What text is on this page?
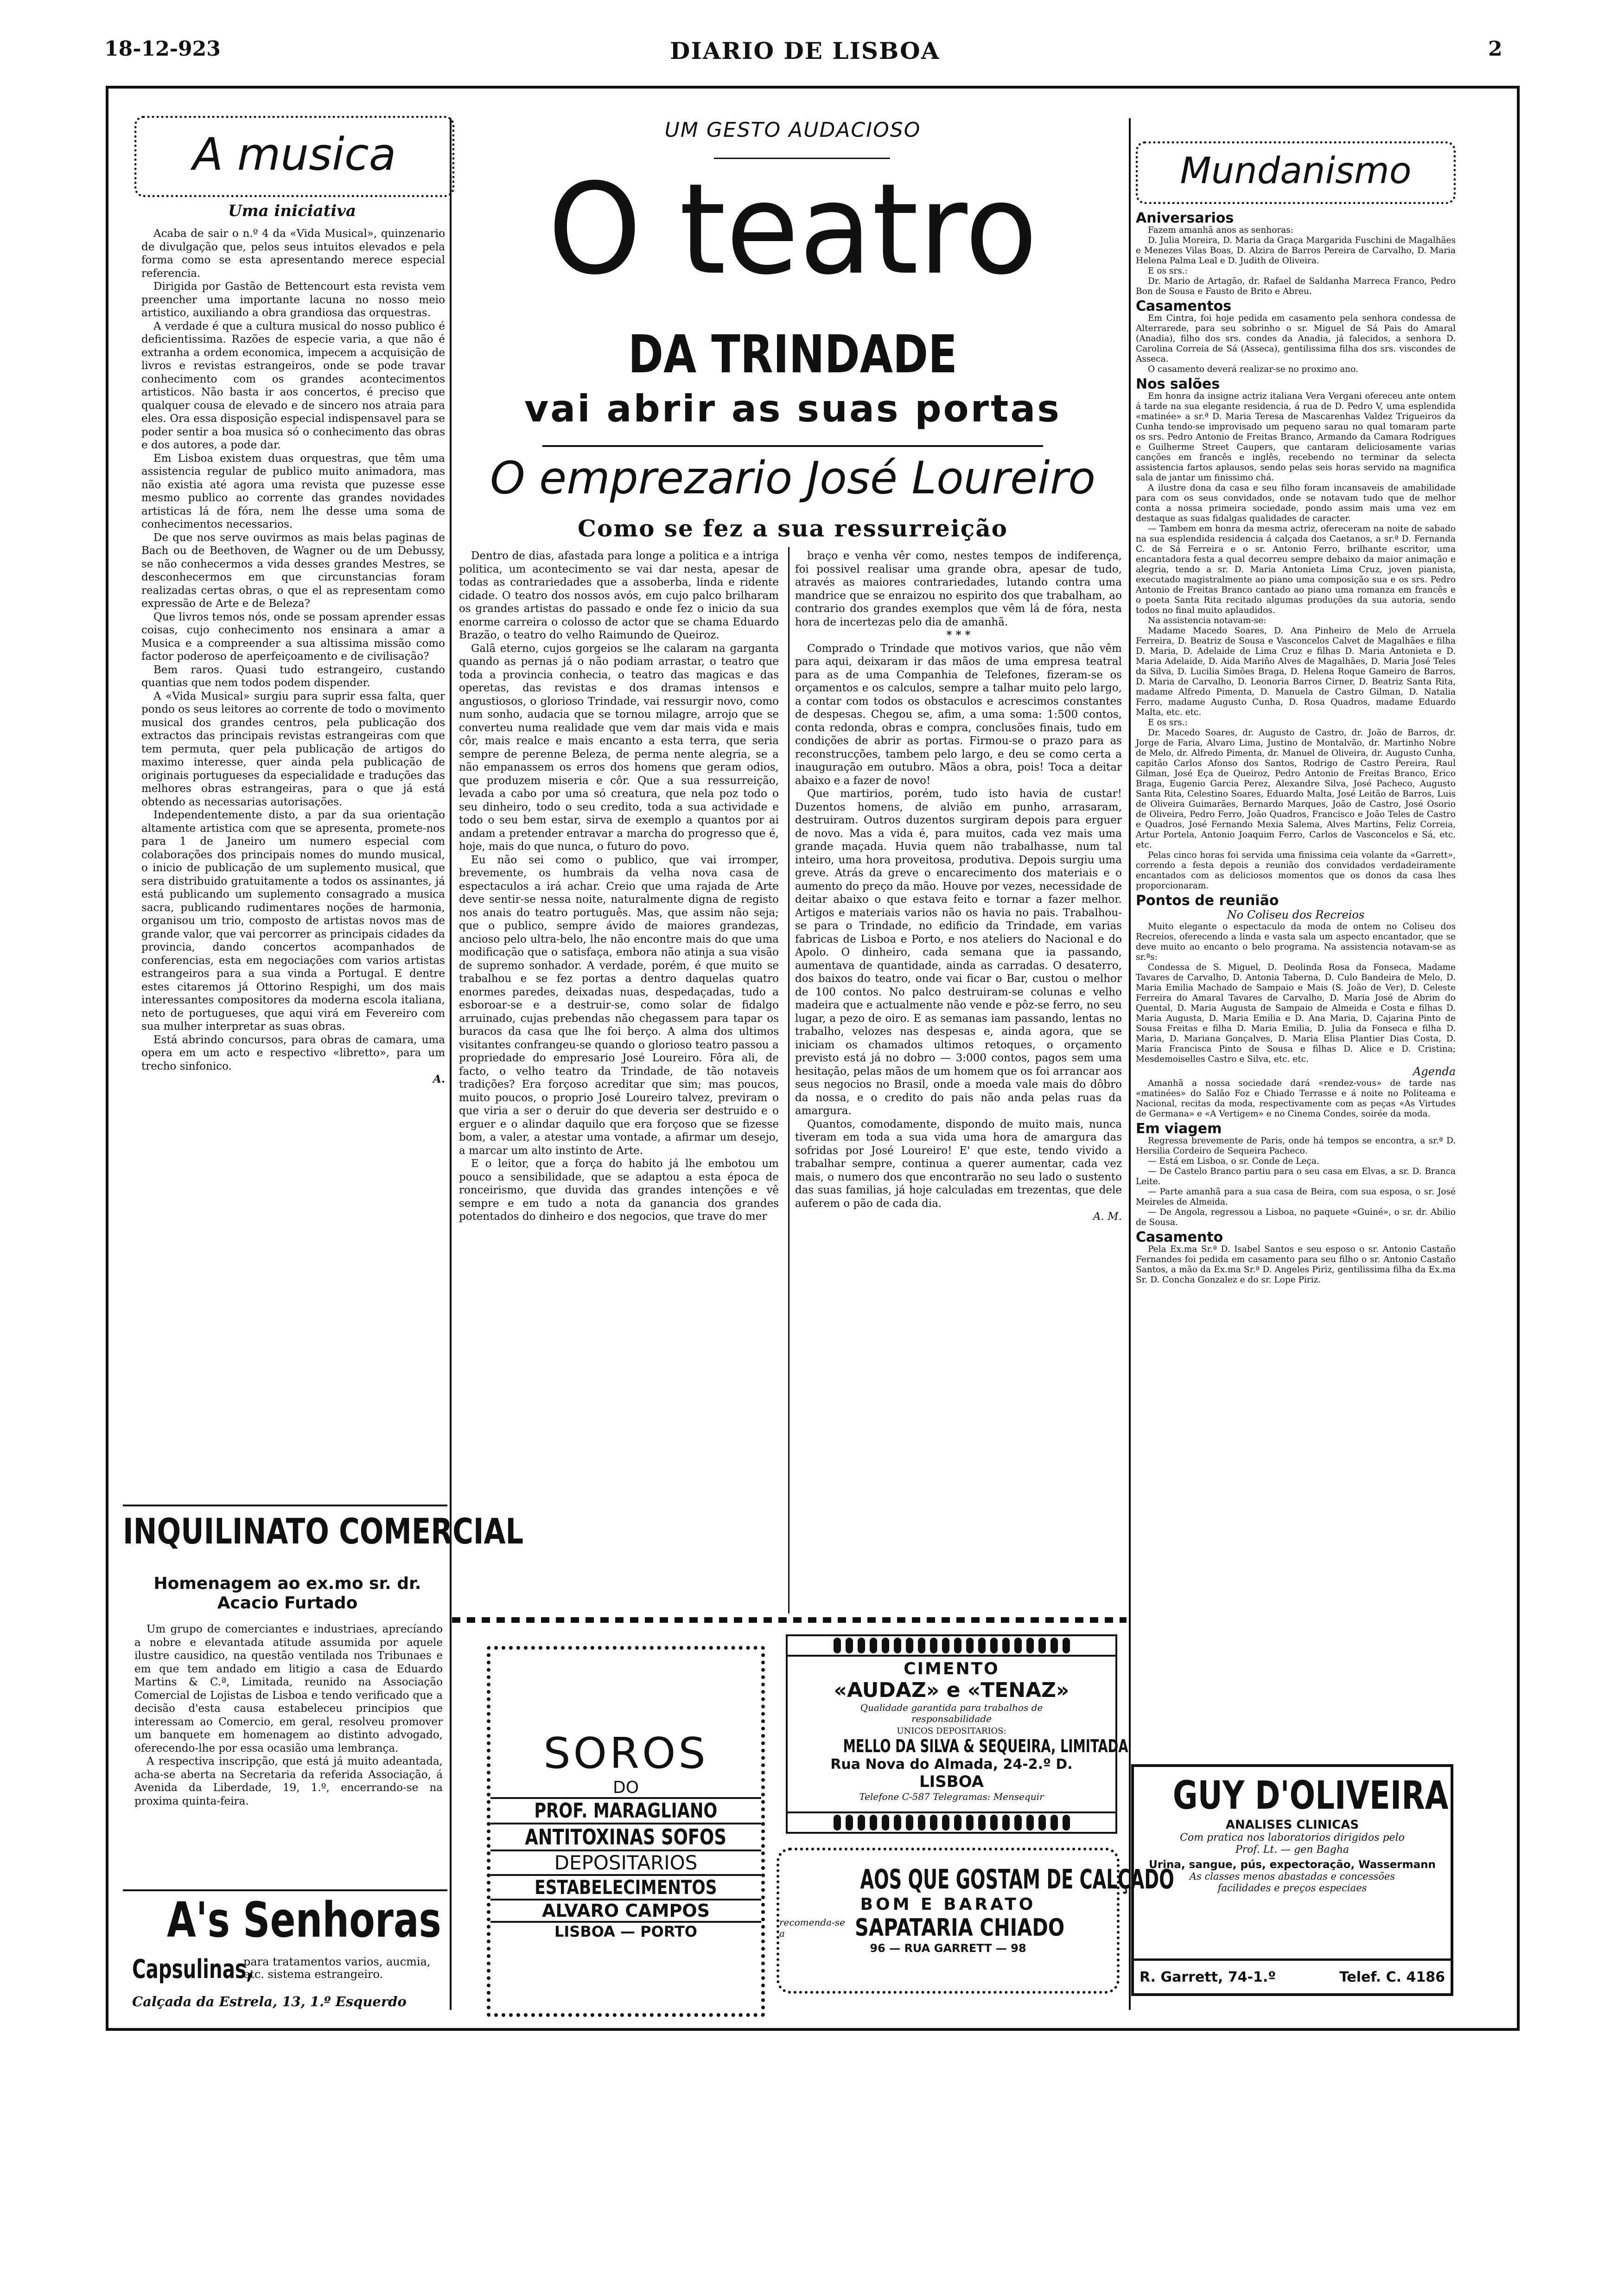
18-12-923	DIARIO DE LISBOA	2
A musica
Uma iniciativa

Acaba de sair o n.º 4 da «Vida Musical», quinzenario de divulgação que, pelos seus intuitos elevados e pela forma como se esta apresentando merece especial referencia.

Dirigida por Gastão de Bettencourt esta revista vem preencher uma importante lacuna no nosso meio artistico, auxiliando a obra grandiosa das orquestras.

A verdade é que a cultura musical do nosso publico é deficientissima. Razões de especie varia, a que não é extranha a ordem economica, impecem a acquisição de livros e revistas estrangeiros, onde se pode travar conhecimento com os grandes acontecimentos artisticos. Não basta ir aos concertos, é preciso que qualquer cousa de elevado e de sincero nos atraia para eles. Ora essa disposição especial indispensavel para se poder sentir a boa musica só o conhecimento das obras e dos autores, a pode dar.

Em Lisboa existem duas orquestras, que têm uma assistencia regular de publico muito animadora, mas não existia até agora uma revista que puzesse esse mesmo publico ao corrente das grandes novidades artisticas lá de fóra, nem lhe desse uma soma de conhecimentos necessarios.

De que nos serve ouvirmos as mais belas paginas de Bach ou de Beethoven, de Wagner ou de um Debussy, se não conhecermos a vida desses grandes Mestres, se desconhecermos em que circunstancias foram realizadas certas obras, o que el as representam como expressão de Arte e de Beleza?

Que livros temos nós, onde se possam aprender essas coisas, cujo conhecimento nos ensinara a amar a Musica e a compreender a sua altissima missão como factor poderoso de aperfeiçoamento e de civilisação?

Bem raros. Quasi tudo estrangeiro, custando quantias que nem todos podem dispender.

A «Vida Musical» surgiu para suprir essa falta, quer pondo os seus leitores ao corrente de todo o movimento musical dos grandes centros, pela publicação dos extractos das principais revistas estrangeiras com que tem permuta, quer pela publicação de artigos do maximo interesse, quer ainda pela publicação de originais portugueses da especialidade e traduções das melhores obras estrangeiras, para o que já está obtendo as necessarias autorisações.

Independentemente disto, a par da sua orientação altamente artistica com que se apresenta, promete-nos para 1 de Janeiro um numero especial com colaborações dos principais nomes do mundo musical, o inicio de publicação de um suplemento musical, que sera distribuido gratuitamente a todos os assinantes, já está publicando um suplemento consagrado a musica sacra, publicando rudimentares noções de harmonia, organisou um trio, composto de artistas novos mas de grande valor, que vai percorrer as principais cidades da provincia, dando concertos acompanhados de conferencias, esta em negociações com varios artistas estrangeiros para a sua vinda a Portugal. E dentre estes citaremos já Ottorino Respighi, um dos mais interessantes compositores da moderna escola italiana, neto de portugueses, que aqui virá em Fevereiro com sua mulher interpretar as suas obras.

Está abrindo concursos, para obras de camara, uma opera em um acto e respectivo «libretto», para um trecho sinfonico.

A.

INQUILINATO COMERCIAL
Homenagem ao ex.mo sr. dr. Acacio Furtado

Um grupo de comerciantes e industriaes, aprecíando a nobre e elevantada atitude assumida por aquele ilustre causidico, na questão ventilada nos Tribunaes e em que tem andado em litigio a casa de Eduardo Martins & C.ª, Limitada, reunido na Associação Comercial de Lojistas de Lisboa e tendo verificado que a decisão d'esta causa estabeleceu principios que interessam ao Comercio, em geral, resolveu promover um banquete em homenagem ao distinto advogado, oferecendo-lhe por essa ocasião uma lembrança.

A respectiva inscripção, que está já muito adeantada, acha-se aberta na Secretaria da referida Associação, á Avenida da Liberdade, 19, 1.º, encerrando-se na proxima quinta-feira.

A's Senhoras
Capsulinas,
para tratamentos varios, aucmia, etc. sistema estrangeiro.
Calçada da Estrela, 13, 1.º Esquerdo
UM GESTO AUDACIOSO
O teatro
DA TRINDADE
vai abrir as suas portas
O emprezario José Loureiro
Como se fez a sua ressurreição

Dentro de dias, afastada para longe a politica e a intriga politica, um acontecimento se vai dar nesta, apesar de todas as contrariedades que a assoberba, linda e ridente cidade. O teatro dos nossos avós, em cujo palco brilharam os grandes artistas do passado e onde fez o inicio da sua enorme carreira o colosso de actor que se chama Eduardo Brazão, o teatro do velho Raimundo de Queiroz.

Galã eterno, cujos gorgeios se lhe calaram na garganta quando as pernas já o não podiam arrastar, o teatro que toda a provincia conhecia, o teatro das magicas e das operetas, das revistas e dos dramas intensos e angustiosos, o glorioso Trindade, vai ressurgir novo, como num sonho, audacia que se tornou milagre, arrojo que se converteu numa realidade que vem dar mais vida e mais côr, mais realce e mais encanto a esta terra, que seria sempre de perenne Beleza, de perma nente alegria, se a não empanassem os erros dos homens que geram odios, que produzem miseria e côr. Que a sua ressurreição, levada a cabo por uma só creatura, que nela poz todo o seu dinheiro, todo o seu credito, toda a sua actividade e todo o seu bem estar, sirva de exemplo a quantos por ai andam a pretender entravar a marcha do progresso que é, hoje, mais do que nunca, o futuro do povo.

Eu não sei como o publico, que vai irromper, brevemente, os humbrais da velha nova casa de espectaculos a irá achar. Creio que uma rajada de Arte deve sentir-se nessa noite, naturalmente digna de registo nos anais do teatro português. Mas, que assim não seja; que o publico, sempre ávido de maiores grandezas, ancioso pelo ultra-belo, lhe não encontre mais do que uma modificação que o satisfaça, embora não atinja a sua visão de supremo sonhador. A verdade, porém, é que muito se trabalhou e se fez portas a dentro daquelas quatro enormes paredes, deixadas nuas, despedaçadas, tudo a esboroar-se e a destruir-se, como solar de fidalgo arruinado, cujas prebendas não chegassem para tapar os buracos da casa que lhe foi berço. A alma dos ultimos visitantes confrangeu-se quando o glorioso teatro passou a propriedade do empresario José Loureiro. Fôra ali, de facto, o velho teatro da Trindade, de tão notaveis tradições? Era forçoso acreditar que sim; mas poucos, muito poucos, o proprio José Loureiro talvez, previram o que viria a ser o deruir do que deveria ser destruido e o erguer e o alindar daquilo que era forçoso que se fizesse bom, a valer, a atestar uma vontade, a afirmar um desejo, a marcar um alto instinto de Arte.

E o leitor, que a força do habito já lhe embotou um pouco a sensibilidade, que se adaptou a esta época de ronceirismo, que duvida das grandes intenções e vê sempre e em tudo a nota da ganancia dos grandes potentados do dinheiro e dos negocios, que trave do mer

braço e venha vêr como, nestes tempos de indiferença, foi possivel realisar uma grande obra, apesar de tudo, através as maiores contrariedades, lutando contra uma mandrice que se enraizou no espirito dos que trabalham, ao contrario dos grandes exemplos que vêm lá de fóra, nesta hora de incertezas pelo dia de amanhã.

* * *

Comprado o Trindade que motivos varios, que não vêm para aqui, deixaram ir das mãos de uma empresa teatral para as de uma Companhia de Telefones, fizeram-se os orçamentos e os calculos, sempre a talhar muito pelo largo, a contar com todos os obstaculos e acrescimos constantes de despesas. Chegou se, afim, a uma soma: 1:500 contos, conta redonda, obras e compra, conclusões finais, tudo em condições de abrir as portas. Firmou-se o prazo para as reconstrucções, tambem pelo largo, e deu se como certa a inauguração em outubro. Mãos a obra, pois! Toca a deitar abaixo e a fazer de novo!

Que martirios, porém, tudo isto havia de custar! Duzentos homens, de alvião em punho, arrasaram, destruiram. Outros duzentos surgiram depois para erguer de novo. Mas a vida é, para muitos, cada vez mais uma grande maçada. Huvia quem não trabalhasse, num tal inteiro, uma hora proveitosa, produtiva. Depois surgiu uma greve. Atrás da greve o encarecimento dos materiais e o aumento do preço da mão. Houve por vezes, necessidade de deitar abaixo o que estava feito e tornar a fazer melhor. Artigos e materiais varios não os havia no pais. Trabalhou-se para o Trindade, no edificio da Trindade, em varias fabricas de Lisboa e Porto, e nos ateliers do Nacional e do Apolo. O dinheiro, cada semana que ia passando, aumentava de quantidade, ainda as carradas. O desaterro, dos baixos do teatro, onde vai ficar o Bar, custou o melhor de 100 contos. No palco destruiram-se colunas e velho madeira que e actualmente não vende e pôz-se ferro, no seu lugar, a pezo de oiro. E as semanas iam passando, lentas no trabalho, velozes nas despesas e, ainda agora, que se iniciam os chamados ultimos retoques, o orçamento previsto está já no dobro — 3:000 contos, pagos sem uma hesitação, pelas mãos de um homem que os foi arrancar aos seus negocios no Brasil, onde a moeda vale mais do dôbro da nossa, e o credito do pais não anda pelas ruas da amargura.

Quantos, comodamente, dispondo de muito mais, nunca tiveram em toda a sua vida uma hora de amargura das sofridas por José Loureiro! E' que este, tendo vivido a trabalhar sempre, continua a querer aumentar, cada vez mais, o numero dos que encontrarão no seu lado o sustento das suas familias, já hoje calculadas em trezentas, que dele auferem o pão de cada dia.

A. M.

SOROS
DO
PROF. MARAGLIANO
ANTITOXINAS SOFOS
DEPOSITARIOS
ESTABELECIMENTOS
ALVARO CAMPOS
LISBOA — PORTO
CIMENTO
«AUDAZ» e «TENAZ»
Qualidade garantida para trabalhos de responsabilidade
UNICOS DEPOSITARIOS:
MELLO DA SILVA & SEQUEIRA, LIMITADA
Rua Nova do Almada, 24-2.º D.
LISBOA
Telefone C-587 Telegramas: Mensequir
AOS QUE GOSTAM DE CALÇADO
BOM E BARATO
recomenda-se a	SAPATARIA CHIADO
96 — RUA GARRETT — 98
Mundanismo
Aniversarios

Fazem amanhã anos as senhoras:

D. Julia Moreira, D. Maria da Graça Margarida Fuschini de Magalhães e Menezes Vilas Boas, D. Alzira de Barros Pereira de Carvalho, D. Maria Helena Palma Leal e D. Judith de Oliveira.

E os srs.:

Dr. Mario de Artagão, dr. Rafael de Saldanha Marreca Franco, Pedro Bon de Sousa e Fausto de Brito e Abreu.

Casamentos

Em Cintra, foi hoje pedida em casamento pela senhora condessa de Alterrarede, para seu sobrinho o sr. Miguel de Sá Pais do Amaral (Anadia), filho dos srs. condes da Anadia, já falecidos, a senhora D. Carolina Correia de Sá (Asseca), gentilissima filha dos srs. viscondes de Asseca.

O casamento deverá realizar-se no proximo ano.

Nos salões

Em honra da insigne actriz italiana Vera Vergani ofereceu ante ontem á tarde na sua elegante residencia, á rua de D. Pedro V, uma esplendida «matinée» a sr.ª D. Maria Teresa de Mascarenhas Valdez Trigueiros da Cunha tendo-se improvisado um pequeno sarau no qual tomaram parte os srs. Pedro Antonio de Freitas Branco, Armando da Camara Rodrigues e Guilherme Street Caupers, que cantaram deliciosamente varias canções em francês e inglês, recebendo no terminar da selecta assistencia fartos aplausos, sendo pelas seis horas servido na magnifica sala de jantar um finissimo chá.

A ilustre dona da casa e seu filho foram incansaveis de amabilidade para com os seus convidados, onde se notavam tudo que de melhor conta a nossa primeira sociedade, pondo assim mais uma vez em destaque as suas fidalgas qualidades de caracter.

— Tambem em honra da mesma actriz, ofereceram na noite de sabado na sua esplendida residencia á calçada dos Caetanos, a sr.ª D. Fernanda C. de Sá Ferreira e o sr. Antonio Ferro, brilhante escritor, uma encantadora festa a qual decorreu sempre debaixo da maior animação e alegria, tendo a sr. D. Maria Antonieta Lima Cruz, joven pianista, executado magistralmente ao piano uma composição sua e os srs. Pedro Antonio de Freitas Branco cantado ao piano uma romanza em francês e o poeta Santa Rita recitado algumas produções da sua autoria, sendo todos no final muito aplaudidos.

Na assistencia notavam-se:

Madame Macedo Soares, D. Ana Pinheiro de Melo de Arruela Ferreira, D. Beatriz de Sousa e Vasconcelos Calvet de Magalhães e filha D. Maria, D. Adelaide de Lima Cruz e filhas D. Maria Antonieta e D. Maria Adelaide, D. Aida Mariño Alves de Magalhães, D. Maria José Teles da Silva, D. Lucilia Simões Braga, D. Helena Roque Gameiro de Barros, D. Maria de Carvalho, D. Leonoria Barros Cirner, D. Beatriz Santa Rita, madame Alfredo Pimenta, D. Manuela de Castro Gilman, D. Natalia Ferro, madame Augusto Cunha, D. Rosa Quadros, madame Eduardo Malta, etc. etc.

E os srs.:

Dr. Macedo Soares, dr. Augusto de Castro, dr. João de Barros, dr. Jorge de Faria, Alvaro Lima, Justino de Montalvão, dr. Martinho Nobre de Melo, dr. Alfredo Pimenta, dr. Manuel de Oliveira, dr. Augusto Cunha, capitão Carlos Afonso dos Santos, Rodrigo de Castro Pereira, Raul Gilman, José Eça de Queiroz, Pedro Antonio de Freitas Branco, Erico Braga, Eugenio Garcia Perez, Alexandre Silva, José Pacheco, Augusto Santa Rita, Celestino Soares, Eduardo Malta, José Leitão de Barros, Luis de Oliveira Guimarães, Bernardo Marques, João de Castro, José Osorio de Oliveira, Pedro Ferro, João Quadros, Francisco e João Teles de Castro e Quadros, José Fernando Mexia Salema, Alves Martins, Feliz Correia, Artur Portela, Antonio Joaquim Ferro, Carlos de Vasconcelos e Sá, etc. etc.

Pelas cinco horas foi servida uma finissima ceia volante da «Garrett», correndo a festa depois a reunião dos convidados verdadeiramente encantados com as deliciosos momentos que os donos da casa lhes proporcionaram.

Pontos de reunião

No Coliseu dos Recreios

Muito elegante o espectaculo da moda de ontem no Coliseu dos Recreios, oferecendo a linda e vasta sala um aspecto encantador, que se deve muito ao encanto o belo programa. Na assistencia notavam-se as sr.ªs:

Condessa de S. Miguel, D. Deolinda Rosa da Fonseca, Madame Tavares de Carvalho, D. Antonia Taberna, D. Culo Bandeira de Melo, D. Maria Emilia Machado de Sampaio e Mais (S. João de Ver), D. Celeste Ferreira do Amaral Tavares de Carvalho, D. Maria José de Abrim do Quental, D. Maria Augusta de Sampaio de Almeida e Costa e filhas D. Maria Augusta, D. Maria Emilia e D. Ana Maria, D. Cajarina Pinto de Sousa Freitas e filha D. Maria Emilia, D. Julia da Fonseca e filha D. Maria, D. Mariana Gonçalves, D. Maria Elisa Plantier Dias Costa, D. Maria Francisca Pinto de Sousa e filhas D. Alice e D. Cristina; Mesdemoiselles Castro e Silva, etc. etc.

Agenda

Amanhã a nossa sociedade dará «rendez-vous» de tarde nas «matinées» do Salão Foz e Chiado Terrasse e á noite no Politeama e Nacional, recitas da moda, respectivamente com as peças «As Virtudes de Germana» e «A Vertigem» e no Cinema Condes, soirée da moda.

Em viagem

Regressa brevemente de Paris, onde há tempos se encontra, a sr.ª D. Hersilia Cordeiro de Sequeira Pacheco.

— Está em Lisboa, o sr. Conde de Leça.

— De Castelo Branco partiu para o seu casa em Elvas, a sr. D. Branca Leite.

— Parte amanhã para a sua casa de Beira, com sua esposa, o sr. José Meireles de Almeida.

— De Angola, regressou a Lisboa, no paquete «Guiné», o sr. dr. Abilio de Sousa.

Casamento

Pela Ex.ma Sr.ª D. Isabel Santos e seu esposo o sr. Antonio Castaño Fernandes foi pedida em casamento para seu filho o sr. Antonio Castaño Santos, a mão da Ex.ma Sr.ª D. Angeles Piriz, gentilissima filha da Ex.ma Sr. D. Concha Gonzalez e do sr. Lope Piriz.

GUY D'OLIVEIRA
ANALISES CLINICAS
Com pratica nos laboratorios dirigidos pelo Prof. Lt. — gen Bagha
Urina, sangue, pús, expectoração, Wassermann
As classes menos abastadas e concessões facilidades e preços especiaes
R. Garrett, 74-1.º	Telef. C. 4186
